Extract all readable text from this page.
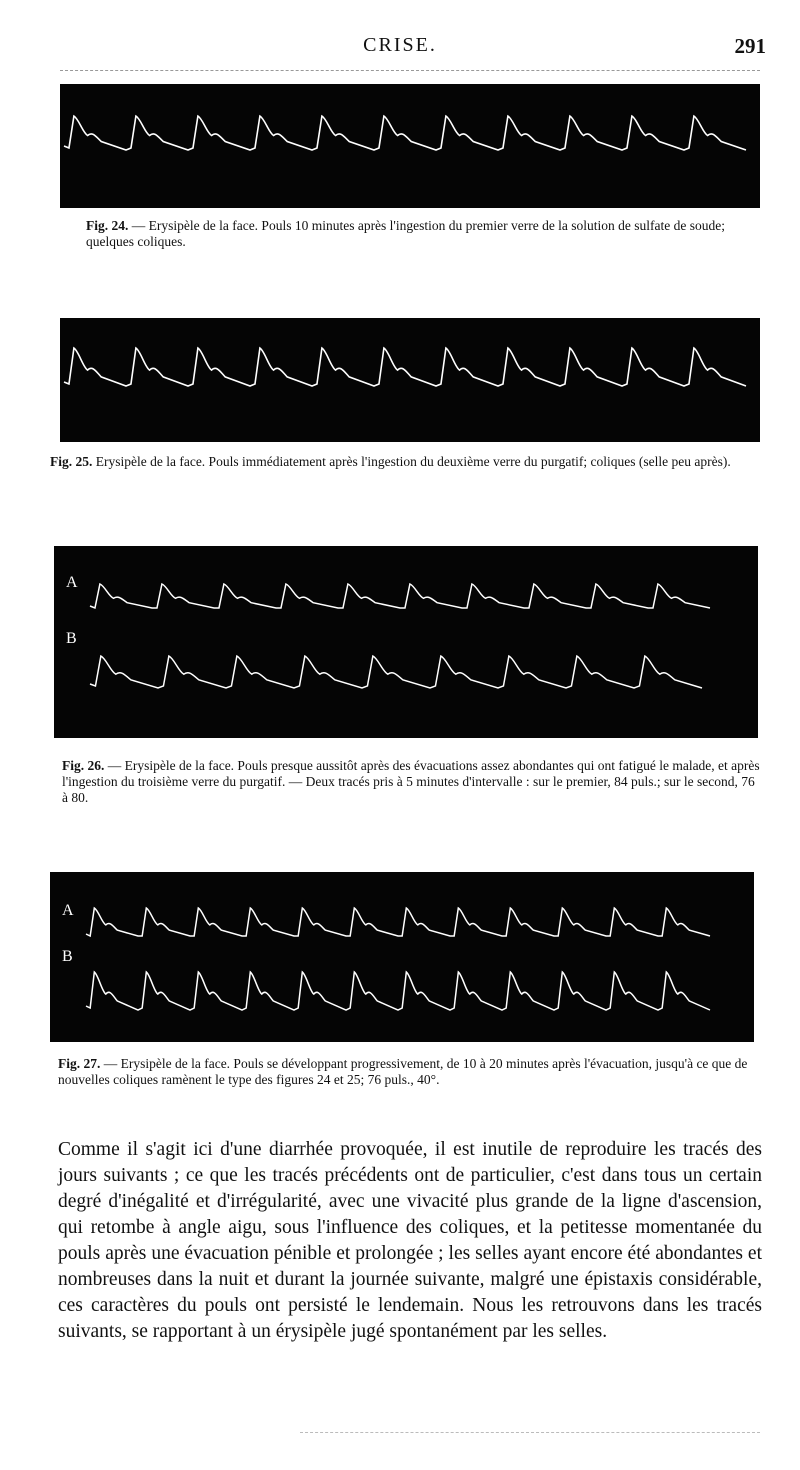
CRISE.	291
Fig. 24. — Erysipèle de la face. Pouls 10 minutes après l'ingestion du premier verre de la solution de sulfate de soude; quelques coliques.
Fig. 25. Erysipèle de la face. Pouls immédiatement après l'ingestion du deuxième verre du purgatif; coliques (selle peu après).
A
B
Fig. 26. — Erysipèle de la face. Pouls presque aussitôt après des évacuations assez abondantes qui ont fatigué le malade, et après l'ingestion du troisième verre du purgatif. — Deux tracés pris à 5 minutes d'intervalle : sur le premier, 84 puls.; sur le second, 76 à 80.
A
B
Fig. 27. — Erysipèle de la face. Pouls se développant progressivement, de 10 à 20 minutes après l'évacuation, jusqu'à ce que de nouvelles coliques ramènent le type des figures 24 et 25; 76 puls., 40°.
Comme il s'agit ici d'une diarrhée provoquée, il est inutile de reproduire les tracés des jours suivants ; ce que les tracés précédents ont de particulier, c'est dans tous un certain degré d'inégalité et d'irrégularité, avec une vivacité plus grande de la ligne d'ascension, qui retombe à angle aigu, sous l'influence des coliques, et la petitesse momentanée du pouls après une évacuation pénible et prolongée ; les selles ayant encore été abondantes et nombreuses dans la nuit et durant la journée suivante, malgré une épistaxis considérable, ces caractères du pouls ont persisté le lendemain. Nous les retrouvons dans les tracés suivants, se rapportant à un érysipèle jugé spontanément par les selles.
